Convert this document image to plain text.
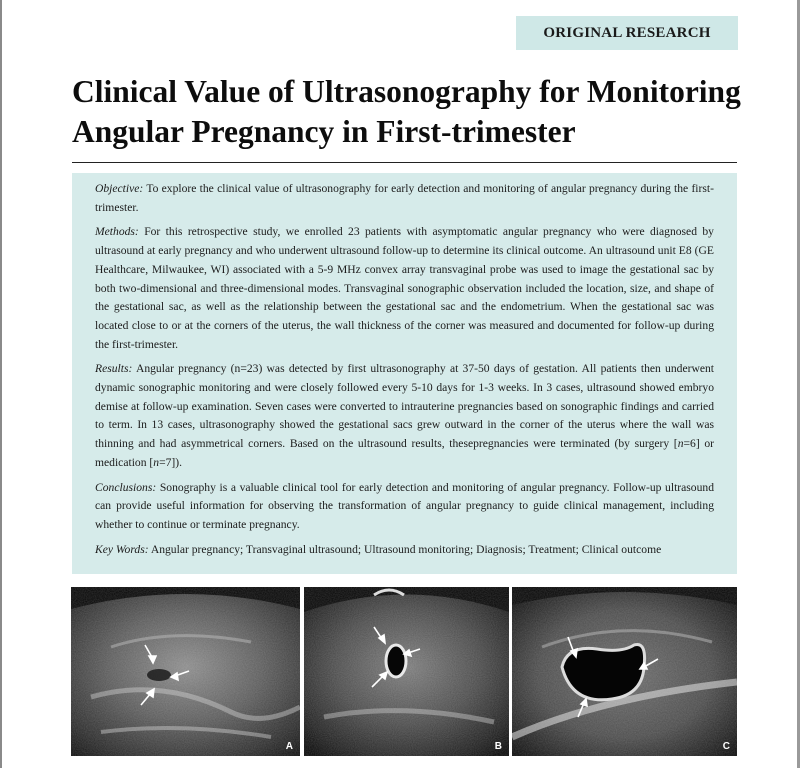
ORIGINAL RESEARCH
Clinical Value of Ultrasonography for Monitoring
Angular Pregnancy in First-trimester

Objective: To explore the clinical value of ultrasonography for early detection and monitoring of angular pregnancy during the first-trimester.

Methods: For this retrospective study, we enrolled 23 patients with asymptomatic angular pregnancy who were diagnosed by ultrasound at early pregnancy and who underwent ultrasound follow-up to determine its clinical outcome. An ultrasound unit E8 (GE Healthcare, Milwaukee, WI) associated with a 5-9 MHz convex array transvaginal probe was used to image the gestational sac by both two-dimensional and three-dimensional modes. Transvaginal sonographic observation included the location, size, and shape of the gestational sac, as well as the relationship between the gestational sac and the endometrium. When the gestational sac was located close to or at the corners of the uterus, the wall thickness of the corner was measured and documented for follow-up during the first-trimester.

Results: Angular pregnancy (n=23) was detected by first ultrasonography at 37-50 days of gestation. All patients then underwent dynamic sonographic monitoring and were closely followed every 5-10 days for 1-3 weeks. In 3 cases, ultrasound showed embryo demise at follow-up examination. Seven cases were converted to intrauterine pregnancies based on sonographic findings and carried to term. In 13 cases, ultrasonography showed the gestational sacs grew outward in the corner of the uterus where the wall was thinning and had asymmetrical corners. Based on the ultrasound results, thesepregnancies were terminated (by surgery [n=6] or medication [n=7]).

Conclusions: Sonography is a valuable clinical tool for early detection and monitoring of angular pregnancy. Follow-up ultrasound can provide useful information for observing the transformation of angular pregnancy to guide clinical management, including whether to continue or terminate pregnancy.

Key Words: Angular pregnancy; Transvaginal ultrasound; Ultrasound monitoring; Diagnosis; Treatment; Clinical outcome

A	B	C
